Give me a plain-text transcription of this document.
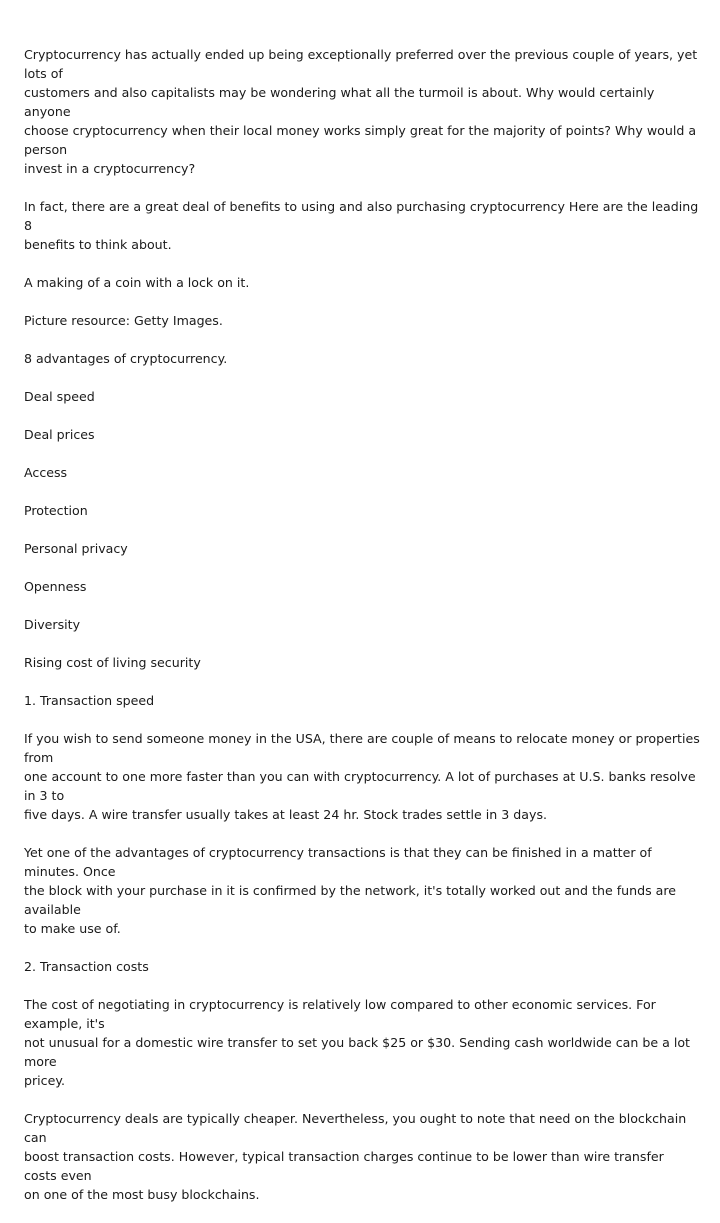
Cryptocurrency has actually ended up being exceptionally preferred over the previous couple of years, yet lots of
customers and also capitalists may be wondering what all the turmoil is about. Why would certainly anyone
choose cryptocurrency when their local money works simply great for the majority of points? Why would a person
invest in a cryptocurrency?

In fact, there are a great deal of benefits to using and also purchasing cryptocurrency Here are the leading 8
benefits to think about.

A making of a coin with a lock on it.

Picture resource: Getty Images.

8 advantages of cryptocurrency.

Deal speed

Deal prices

Access

Protection

Personal privacy

Openness

Diversity

Rising cost of living security

1. Transaction speed

If you wish to send someone money in the USA, there are couple of means to relocate money or properties from
one account to one more faster than you can with cryptocurrency. A lot of purchases at U.S. banks resolve in 3 to
five days. A wire transfer usually takes at least 24 hr. Stock trades settle in 3 days.

Yet one of the advantages of cryptocurrency transactions is that they can be finished in a matter of minutes. Once
the block with your purchase in it is confirmed by the network, it's totally worked out and the funds are available
to make use of.

2. Transaction costs

The cost of negotiating in cryptocurrency is relatively low compared to other economic services. For example, it's
not unusual for a domestic wire transfer to set you back $25 or $30. Sending cash worldwide can be a lot more
pricey.

Cryptocurrency deals are typically cheaper. Nevertheless, you ought to note that need on the blockchain can
boost transaction costs. However, typical transaction charges continue to be lower than wire transfer costs even
on one of the most busy blockchains.
